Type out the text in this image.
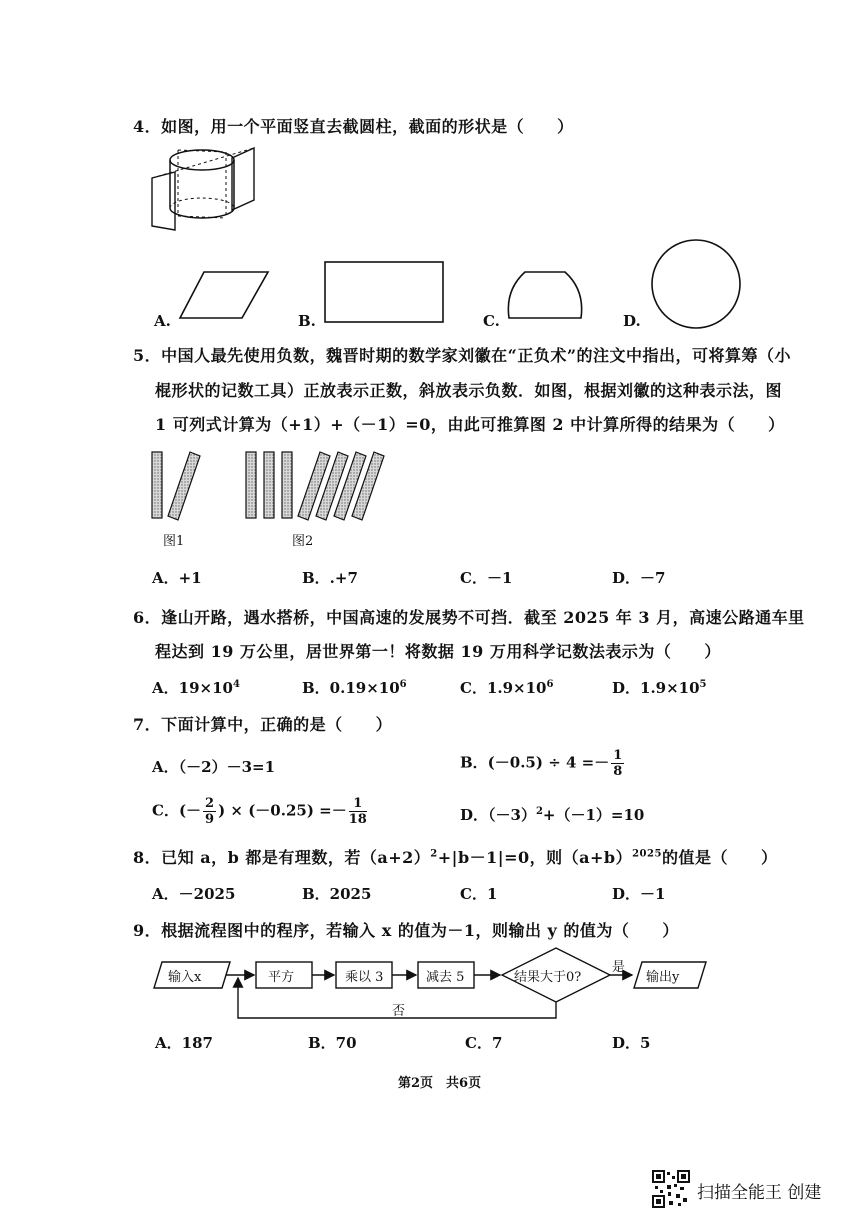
4．如图，用一个平面竖直去截圆柱，截面的形状是（　　）
A.	B.	C.	D.
5．中国人最先使用负数，魏晋时期的数学家刘徽在“正负术”的注文中指出，可将算筹（小
棍形状的记数工具）正放表示正数，斜放表示负数．如图，根据刘徽的这种表示法，图
1 可列式计算为（+1）+（－1）=0，由此可推算图 2 中计算所得的结果为（　　）
图1	图2
A．+1	B．.+7	C．－1	D．－7
6．逢山开路，遇水搭桥，中国高速的发展势不可挡．截至 2025 年 3 月，高速公路通车里
程达到 19 万公里，居世界第一！将数据 19 万用科学记数法表示为（　　）
A．$19\times 10^4$	B．$0.19\times 10^6$	C．$1.9\times 10^6$	D．$1.9\times 10^5$
7．下面计算中，正确的是（　　）
A．（－2）－3=1	B．$(-0.5) \div 4 =- \frac{1}{8}$
C．(－ $\frac{2}{9}$ ) × $(-0.25) =- \frac{1}{18}$	D．$(-3)^2+(-1)=10$
8．已知 a，b 都是有理数，若$(a+2)^2+|b-1|=0$，则$(a+b)^{2025}$的值是（　　）
A．－2025	B．2025	C．1	D．－1
9．根据流程图中的程序，若输入 x 的值为－1，则输出 y 的值为（　　）
输入x	平方	乘以 3	减去 5	结果大于0?
是
否
输出y
A．187	B．70	C．7	D．5
第2页　共6页
扫描全能王 创建
